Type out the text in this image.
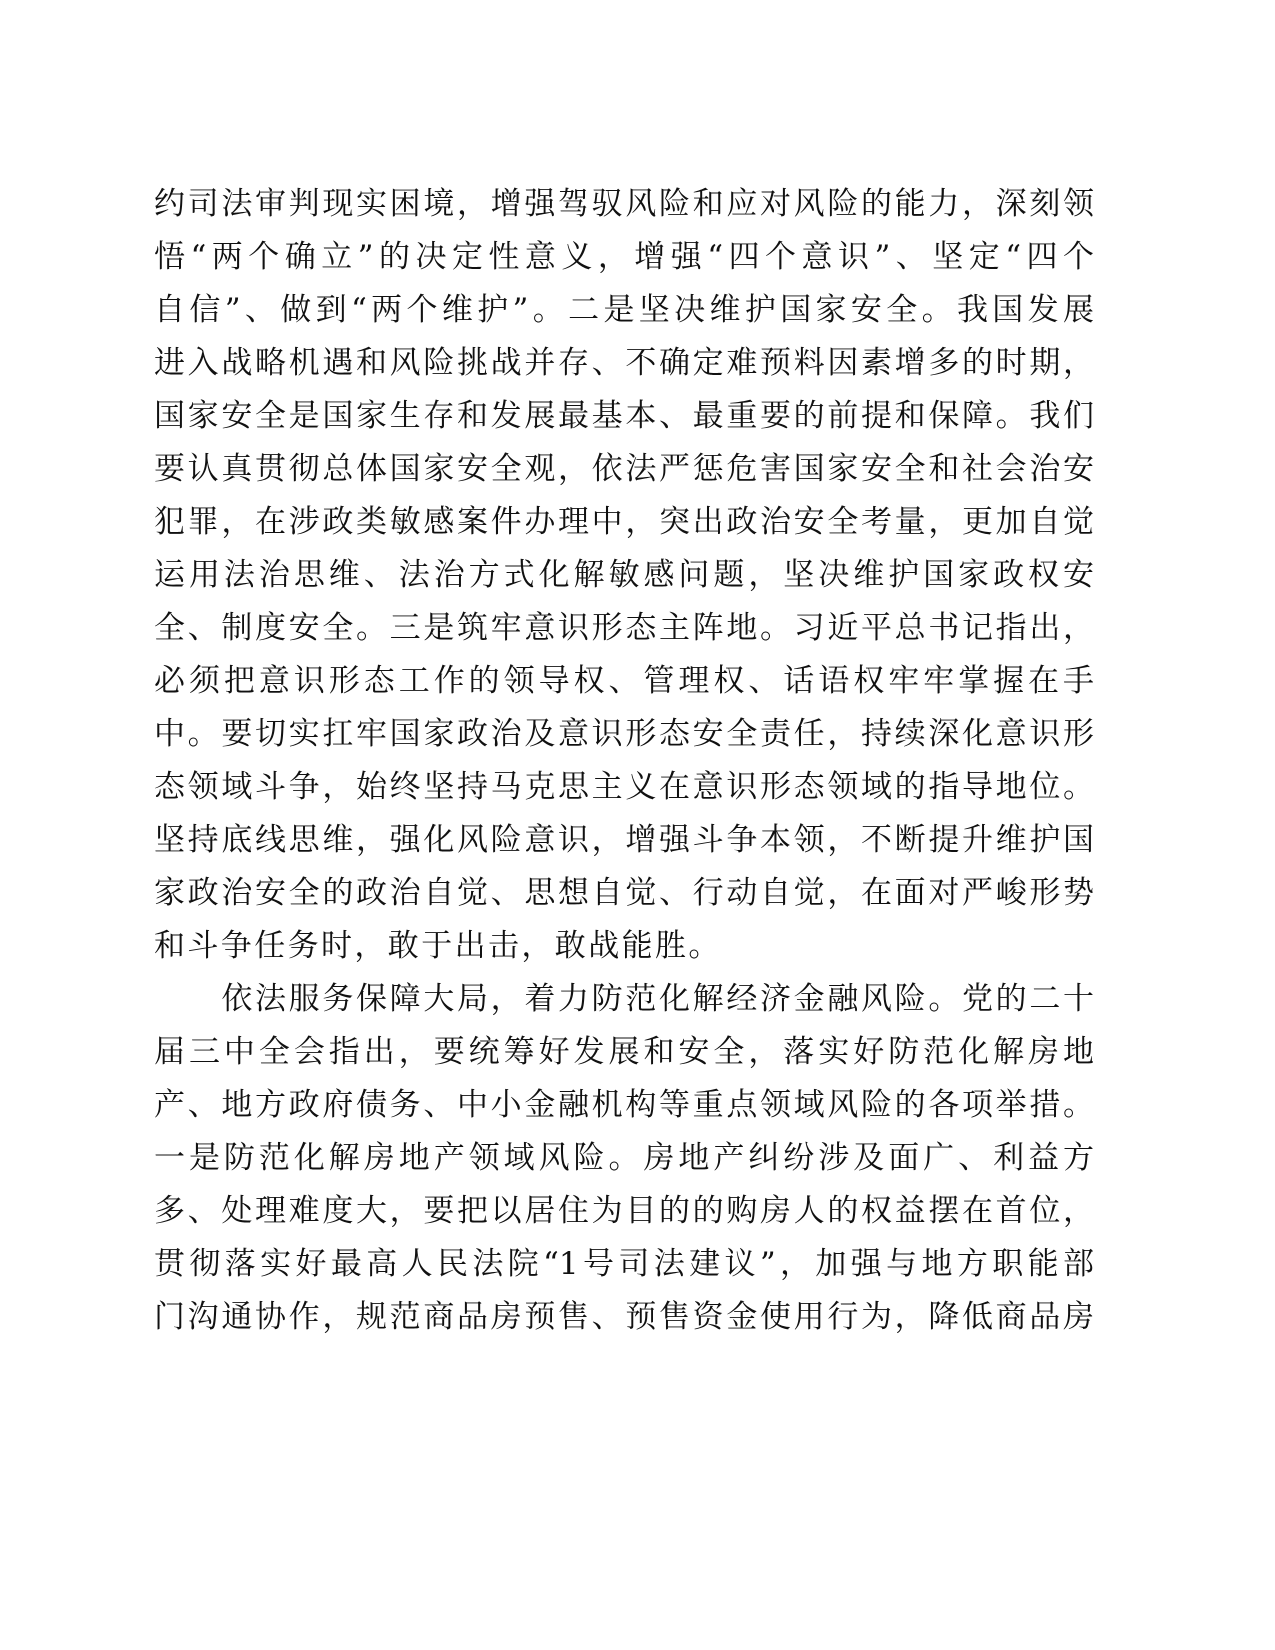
约司法审判现实困境，增强驾驭风险和应对风险的能力，深刻领
悟“两个确立”的决定性意义，增强“四个意识”、坚定“四个
自信”、做到“两个维护”。二是坚决维护国家安全。我国发展
进入战略机遇和风险挑战并存、不确定难预料因素增多的时期，
国家安全是国家生存和发展最基本、最重要的前提和保障。我们
要认真贯彻总体国家安全观，依法严惩危害国家安全和社会治安
犯罪，在涉政类敏感案件办理中，突出政治安全考量，更加自觉
运用法治思维、法治方式化解敏感问题，坚决维护国家政权安
全、制度安全。三是筑牢意识形态主阵地。习近平总书记指出，
必须把意识形态工作的领导权、管理权、话语权牢牢掌握在手
中。要切实扛牢国家政治及意识形态安全责任，持续深化意识形
态领域斗争，始终坚持马克思主义在意识形态领域的指导地位。
坚持底线思维，强化风险意识，增强斗争本领，不断提升维护国
家政治安全的政治自觉、思想自觉、行动自觉，在面对严峻形势
和斗争任务时，敢于出击，敢战能胜。
　　依法服务保障大局，着力防范化解经济金融风险。党的二十
届三中全会指出，要统筹好发展和安全，落实好防范化解房地
产、地方政府债务、中小金融机构等重点领域风险的各项举措。
一是防范化解房地产领域风险。房地产纠纷涉及面广、利益方
多、处理难度大，要把以居住为目的的购房人的权益摆在首位，
贯彻落实好最高人民法院“1号司法建议”，加强与地方职能部
门沟通协作，规范商品房预售、预售资金使用行为，降低商品房
